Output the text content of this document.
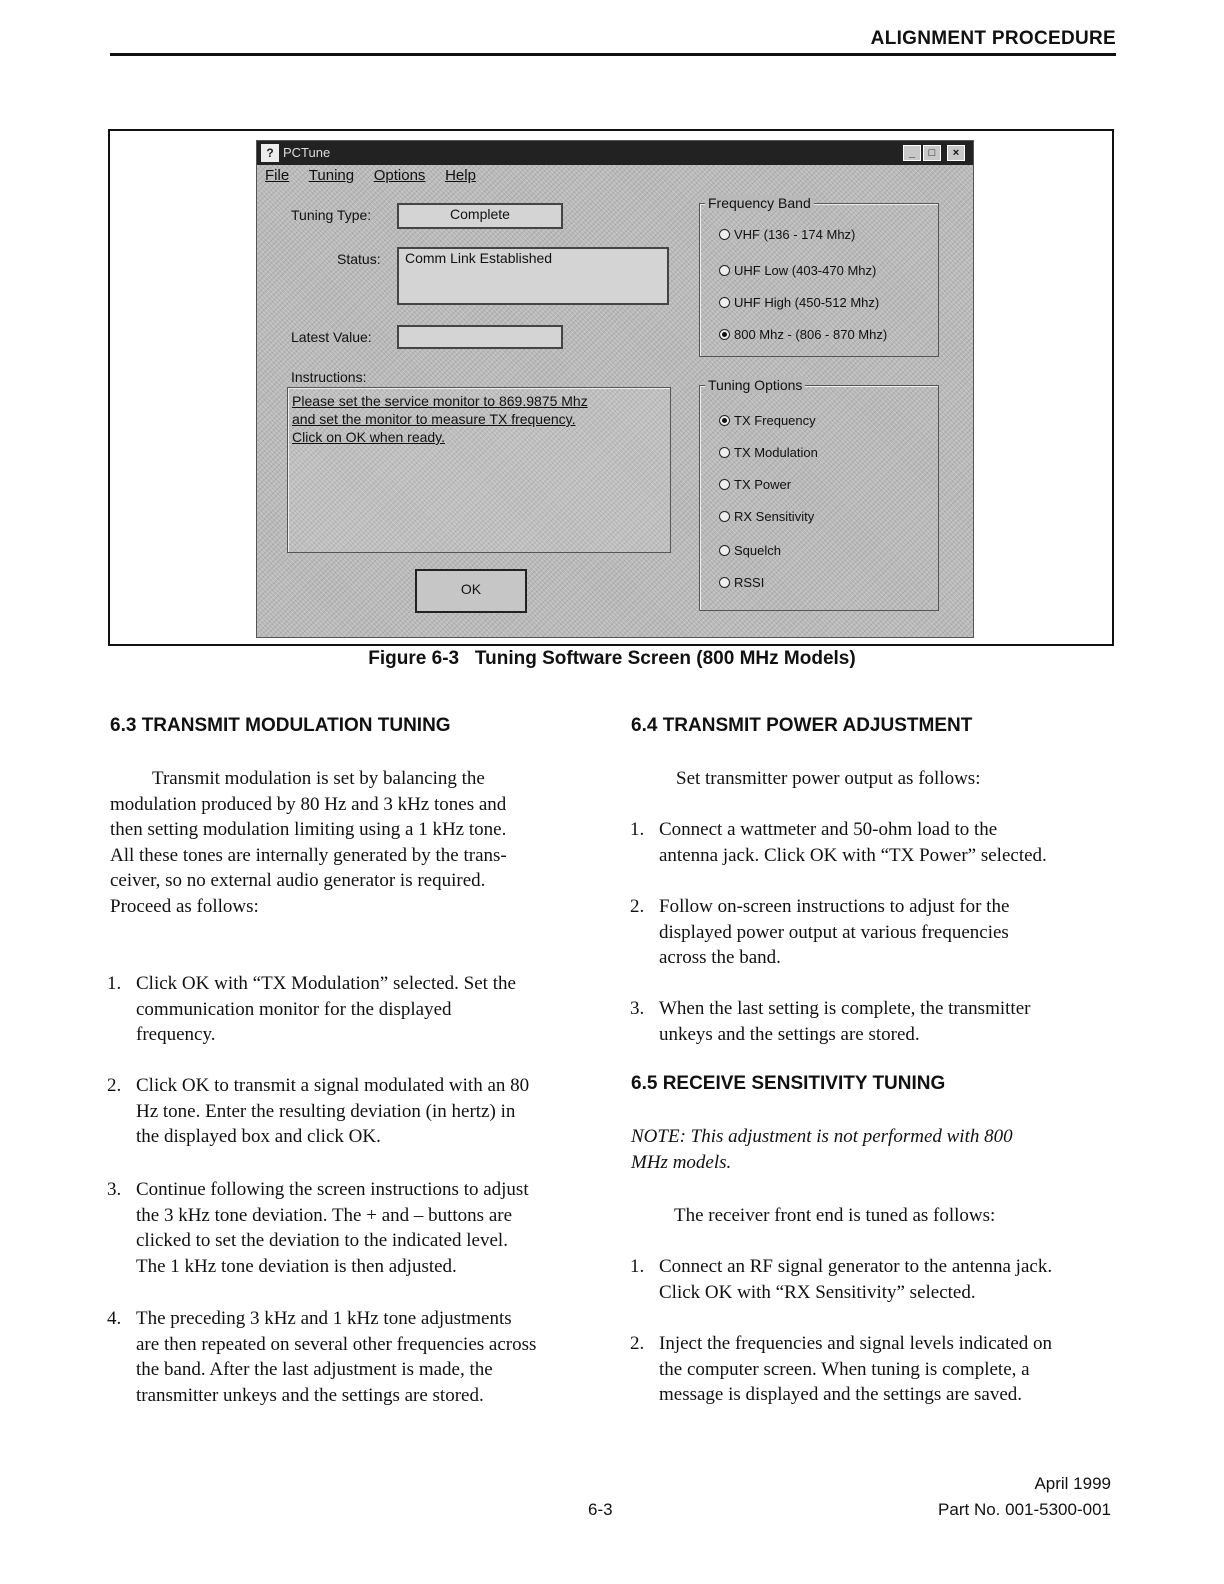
ALIGNMENT PROCEDURE
? PCTune	_	□	×
File Tuning Options Help
Tuning Type:	Complete
Status:	Comm Link Established
Latest Value:
Instructions:
Please set the service monitor to 869.9875 Mhz
and set the monitor to measure TX frequency.
Click on OK when ready.
OK
Frequency Band
VHF (136 - 174 Mhz)
UHF Low (403-470 Mhz)
UHF High (450-512 Mhz)
800 Mhz - (806 - 870 Mhz)
Tuning Options
TX Frequency
TX Modulation
TX Power
RX Sensitivity
Squelch
RSSI
Figure 6-3   Tuning Software Screen (800 MHz Models)
6.3 TRANSMIT MODULATION TUNING
Transmit modulation is set by balancing the
modulation produced by 80 Hz and 3 kHz tones and
then setting modulation limiting using a 1 kHz tone.
All these tones are internally generated by the trans-
ceiver, so no external audio generator is required.
Proceed as follows:
1. Click OK with “TX Modulation” selected. Set the
communication monitor for the displayed
frequency.
2. Click OK to transmit a signal modulated with an 80
Hz tone. Enter the resulting deviation (in hertz) in
the displayed box and click OK.
3. Continue following the screen instructions to adjust
the 3 kHz tone deviation. The + and – buttons are
clicked to set the deviation to the indicated level.
The 1 kHz tone deviation is then adjusted.
4. The preceding 3 kHz and 1 kHz tone adjustments
are then repeated on several other frequencies across
the band. After the last adjustment is made, the
transmitter unkeys and the settings are stored.
6.4 TRANSMIT POWER ADJUSTMENT
Set transmitter power output as follows:
1. Connect a wattmeter and 50-ohm load to the
antenna jack. Click OK with “TX Power” selected.
2. Follow on-screen instructions to adjust for the
displayed power output at various frequencies
across the band.
3. When the last setting is complete, the transmitter
unkeys and the settings are stored.
6.5 RECEIVE SENSITIVITY TUNING
NOTE: This adjustment is not performed with 800
MHz models.
The receiver front end is tuned as follows:
1. Connect an RF signal generator to the antenna jack.
Click OK with “RX Sensitivity” selected.
2. Inject the frequencies and signal levels indicated on
the computer screen. When tuning is complete, a
message is displayed and the settings are saved.
6-3
April 1999
Part No. 001-5300-001
